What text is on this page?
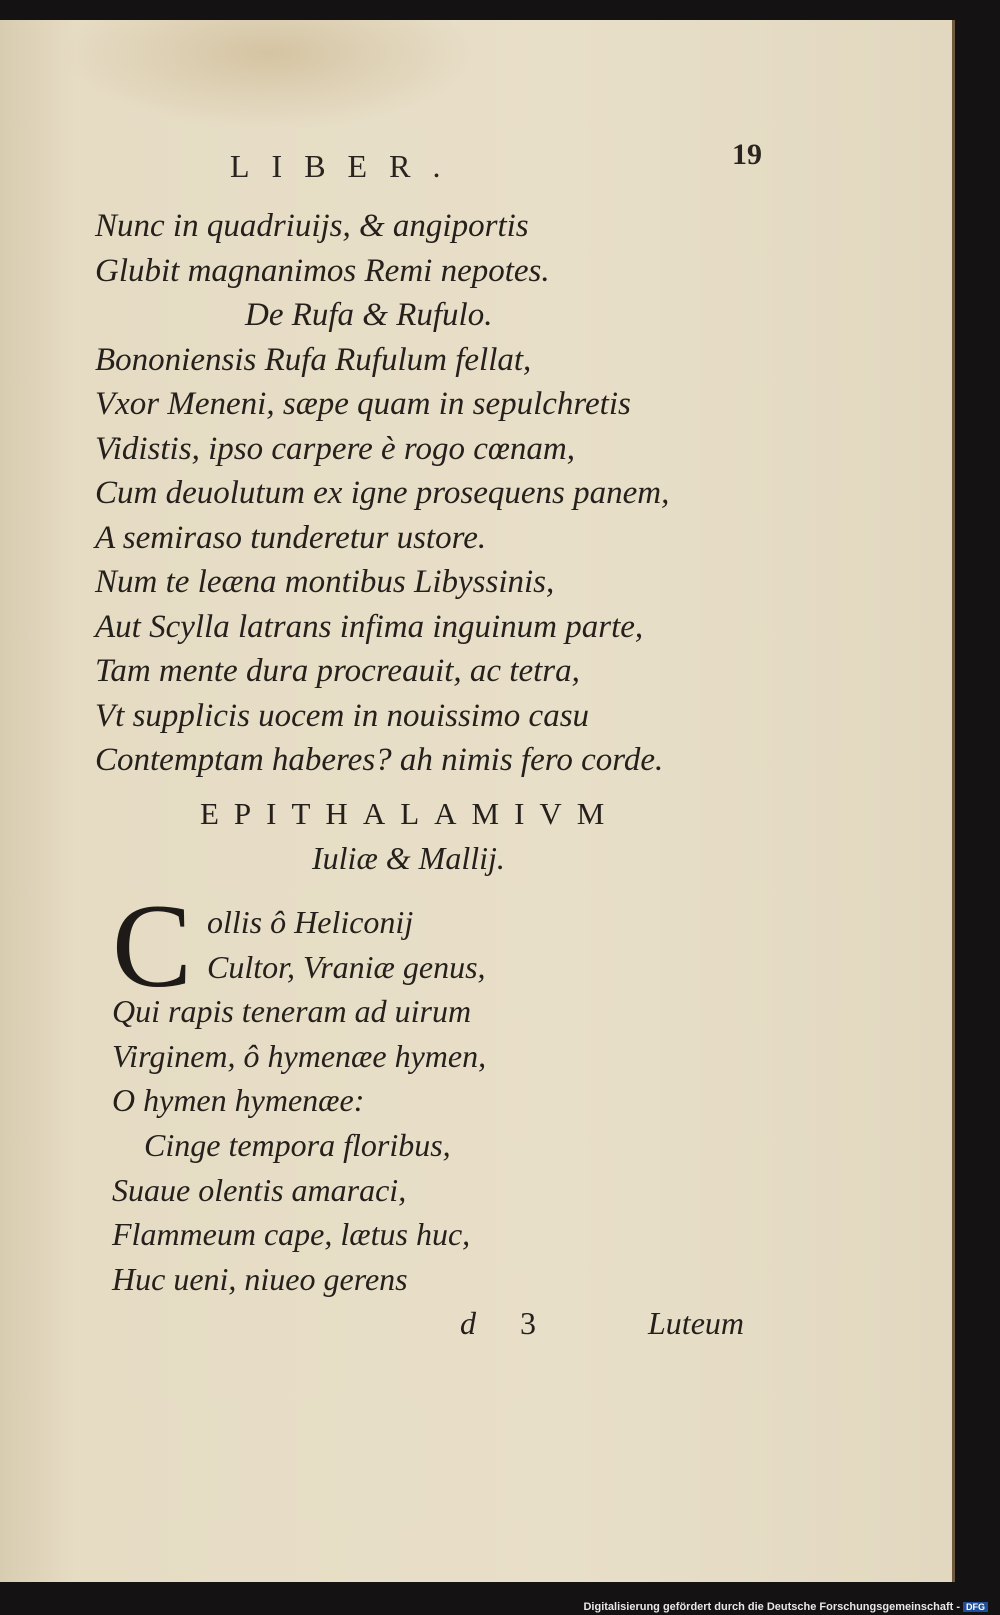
LIBER.	19
Nunc in quadriuijs, & angiportis
Glubit magnanimos Remi nepotes.
De Rufa & Rufulo.
Bononiensis Rufa Rufulum fellat,
Vxor Meneni, sæpe quam in sepulchretis
Vidistis, ipso carpere è rogo cœnam,
Cum deuolutum ex igne prosequens panem,
A semiraso tunderetur ustore.
Num te leæna montibus Libyssinis,
Aut Scylla latrans infima inguinum parte,
Tam mente dura procreauit, ac tetra,
Vt supplicis uocem in nouissimo casu
Contemptam haberes? ah nimis fero corde.
EPITHALAMIVM
Iuliæ & Mallij.
C ollis ô Heliconij
Cultor, Vraniæ genus,
Qui rapis teneram ad uirum
Virginem, ô hymenæe hymen,
O hymen hymenæe:
Cinge tempora floribus,
Suaue olentis amaraci,
Flammeum cape, lætus huc,
Huc ueni, niueo gerens
d 3	Luteum
Digitalisierung gefördert durch die Deutsche Forschungsgemeinschaft - DFG
